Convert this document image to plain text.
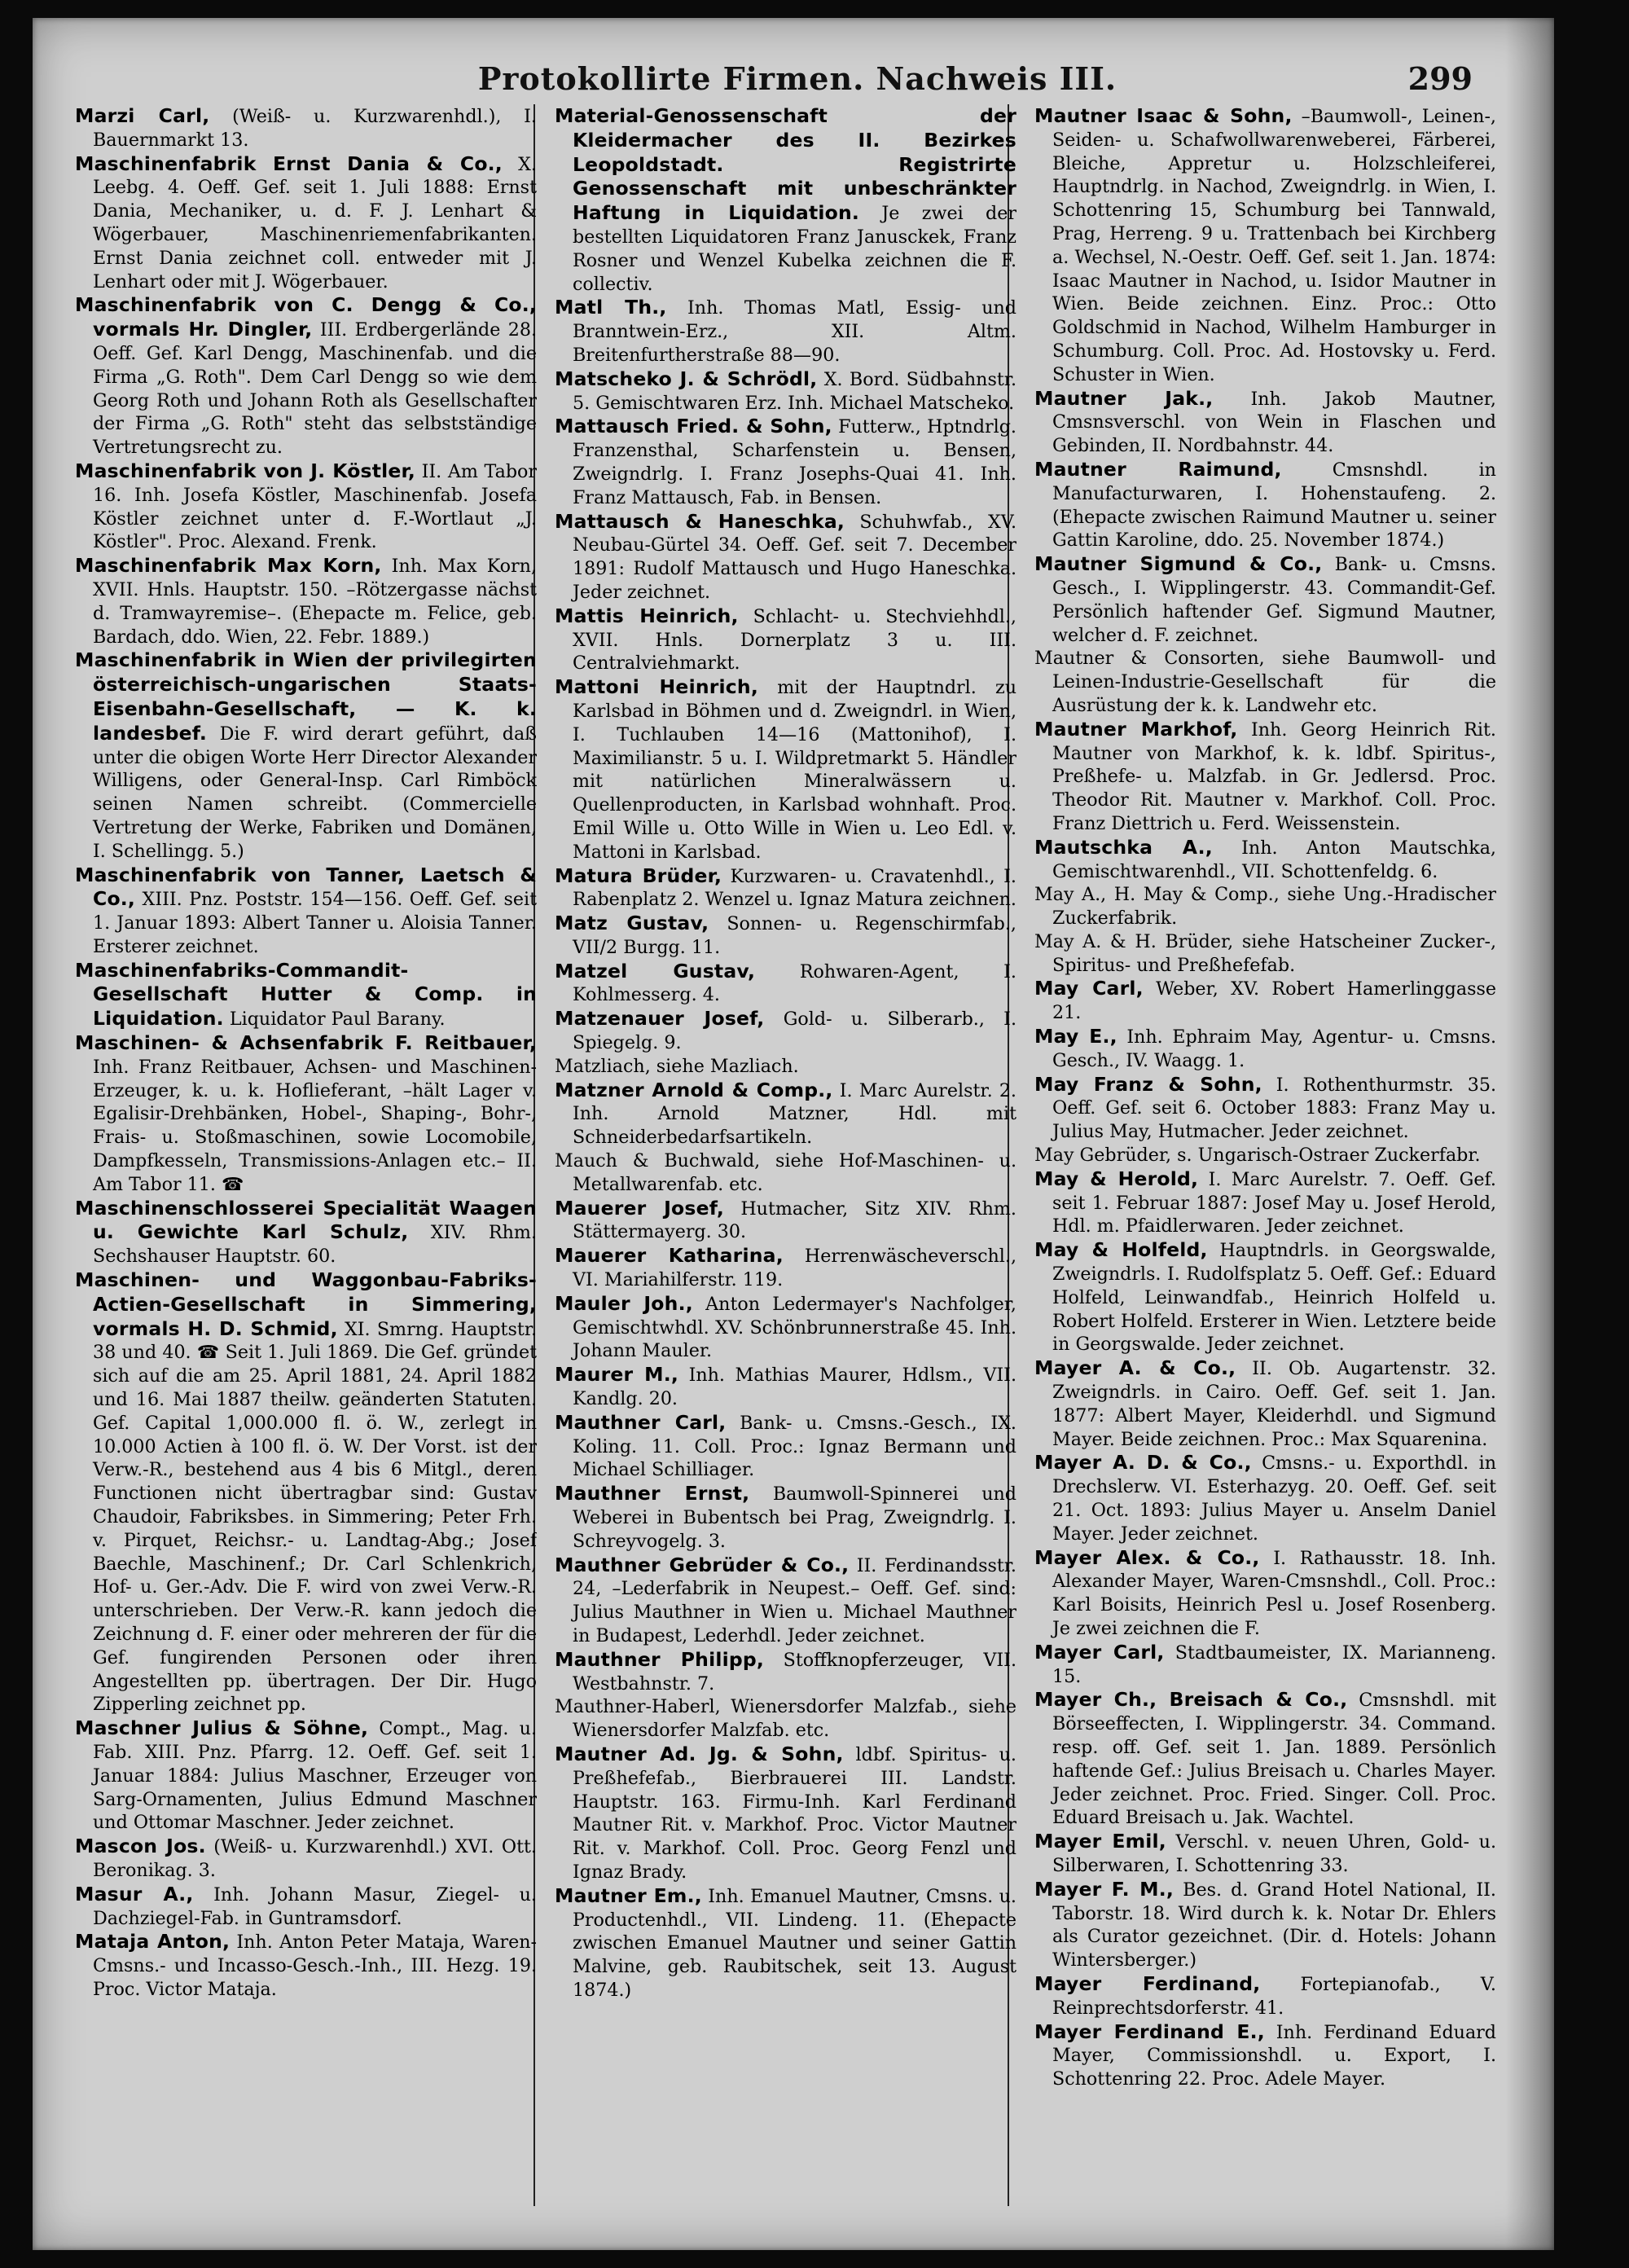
Protokollirte Firmen. Nachweis III.	299
Marzi Carl, (Weiß- u. Kurzwarenhdl.), I. Bauernmarkt 13.
Maschinenfabrik Ernst Dania & Co., X. Leebg. 4. Oeff. Gef. seit 1. Juli 1888: Ernst Dania, Mechaniker, u. d. F. J. Lenhart & Wögerbauer, Maschinenriemenfabrikanten. Ernst Dania zeichnet coll. entweder mit J. Lenhart oder mit J. Wögerbauer.
Maschinenfabrik von C. Dengg & Co., vormals Hr. Dingler, III. Erdbergerlände 28. Oeff. Gef. Karl Dengg, Maschinenfab. und die Firma „G. Roth". Dem Carl Dengg so wie dem Georg Roth und Johann Roth als Gesellschafter der Firma „G. Roth" steht das selbstständige Vertretungsrecht zu.
Maschinenfabrik von J. Köstler, II. Am Tabor 16. Inh. Josefa Köstler, Maschinenfab. Josefa Köstler zeichnet unter d. F.-Wortlaut „J. Köstler". Proc. Alexand. Frenk.
Maschinenfabrik Max Korn, Inh. Max Korn, XVII. Hnls. Hauptstr. 150. –Rötzergasse nächst d. Tramwayremise–. (Ehepacte m. Felice, geb. Bardach, ddo. Wien, 22. Febr. 1889.)
Maschinenfabrik in Wien der privilegirten österreichisch-ungarischen Staats-Eisenbahn-Gesellschaft, — K. k. landesbef. Die F. wird derart geführt, daß unter die obigen Worte Herr Director Alexander Willigens, oder General-Insp. Carl Rimböck seinen Namen schreibt. (Commercielle Vertretung der Werke, Fabriken und Domänen, I. Schellingg. 5.)
Maschinenfabrik von Tanner, Laetsch & Co., XIII. Pnz. Poststr. 154—156. Oeff. Gef. seit 1. Januar 1893: Albert Tanner u. Aloisia Tanner. Ersterer zeichnet.
Maschinenfabriks-Commandit-Gesellschaft Hutter & Comp. in Liquidation. Liquidator Paul Barany.
Maschinen- & Achsenfabrik F. Reitbauer, Inh. Franz Reitbauer, Achsen- und Maschinen-Erzeuger, k. u. k. Hoflieferant, –hält Lager v. Egalisir-Drehbänken, Hobel-, Shaping-, Bohr-, Frais- u. Stoßmaschinen, sowie Locomobile, Dampfkesseln, Transmissions-Anlagen etc.– II. Am Tabor 11. ☎
Maschinenschlosserei Specialität Waagen u. Gewichte Karl Schulz, XIV. Rhm. Sechshauser Hauptstr. 60.
Maschinen- und Waggonbau-Fabriks-Actien-Gesellschaft in Simmering, vormals H. D. Schmid, XI. Smrng. Hauptstr. 38 und 40. ☎ Seit 1. Juli 1869. Die Gef. gründet sich auf die am 25. April 1881, 24. April 1882 und 16. Mai 1887 theilw. geänderten Statuten. Gef. Capital 1,000.000 fl. ö. W., zerlegt in 10.000 Actien à 100 fl. ö. W. Der Vorst. ist der Verw.-R., bestehend aus 4 bis 6 Mitgl., deren Functionen nicht übertragbar sind: Gustav Chaudoir, Fabriksbes. in Simmering; Peter Frh. v. Pirquet, Reichsr.- u. Landtag-Abg.; Josef Baechle, Maschinenf.; Dr. Carl Schlenkrich, Hof- u. Ger.-Adv. Die F. wird von zwei Verw.-R. unterschrieben. Der Verw.-R. kann jedoch die Zeichnung d. F. einer oder mehreren der für die Gef. fungirenden Personen oder ihren Angestellten pp. übertragen. Der Dir. Hugo Zipperling zeichnet pp.
Maschner Julius & Söhne, Compt., Mag. u. Fab. XIII. Pnz. Pfarrg. 12. Oeff. Gef. seit 1. Januar 1884: Julius Maschner, Erzeuger von Sarg-Ornamenten, Julius Edmund Maschner und Ottomar Maschner. Jeder zeichnet.
Mascon Jos. (Weiß- u. Kurzwarenhdl.) XVI. Ott. Beronikag. 3.
Masur A., Inh. Johann Masur, Ziegel- u. Dachziegel-Fab. in Guntramsdorf.
Mataja Anton, Inh. Anton Peter Mataja, Waren-Cmsns.- und Incasso-Gesch.-Inh., III. Hezg. 19. Proc. Victor Mataja.
Material-Genossenschaft der Kleidermacher des II. Bezirkes Leopoldstadt. Registrirte Genossenschaft mit unbeschränkter Haftung in Liquidation. Je zwei der bestellten Liquidatoren Franz Janusckek, Franz Rosner und Wenzel Kubelka zeichnen die F. collectiv.
Matl Th., Inh. Thomas Matl, Essig- und Branntwein-Erz., XII. Altm. Breitenfurtherstraße 88—90.
Matscheko J. & Schrödl, X. Bord. Südbahnstr. 5. Gemischtwaren Erz. Inh. Michael Matscheko.
Mattausch Fried. & Sohn, Futterw., Hptndrlg. Franzensthal, Scharfenstein u. Bensen, Zweigndrlg. I. Franz Josephs-Quai 41. Inh. Franz Mattausch, Fab. in Bensen.
Mattausch & Haneschka, Schuhwfab., XV. Neubau-Gürtel 34. Oeff. Gef. seit 7. December 1891: Rudolf Mattausch und Hugo Haneschka. Jeder zeichnet.
Mattis Heinrich, Schlacht- u. Stechviehhdl., XVII. Hnls. Dornerplatz 3 u. III. Centralviehmarkt.
Mattoni Heinrich, mit der Hauptndrl. zu Karlsbad in Böhmen und d. Zweigndrl. in Wien, I. Tuchlauben 14—16 (Mattonihof), I. Maximilianstr. 5 u. I. Wildpretmarkt 5. Händler mit natürlichen Mineralwässern u. Quellenproducten, in Karlsbad wohnhaft. Proc. Emil Wille u. Otto Wille in Wien u. Leo Edl. v. Mattoni in Karlsbad.
Matura Brüder, Kurzwaren- u. Cravatenhdl., I. Rabenplatz 2. Wenzel u. Ignaz Matura zeichnen.
Matz Gustav, Sonnen- u. Regenschirmfab., VII/2 Burgg. 11.
Matzel Gustav, Rohwaren-Agent, I. Kohlmesserg. 4.
Matzenauer Josef, Gold- u. Silberarb., I. Spiegelg. 9.
Matzliach, siehe Mazliach.
Matzner Arnold & Comp., I. Marc Aurelstr. 2. Inh. Arnold Matzner, Hdl. mit Schneiderbedarfsartikeln.
Mauch & Buchwald, siehe Hof-Maschinen- u. Metallwarenfab. etc.
Mauerer Josef, Hutmacher, Sitz XIV. Rhm. Stättermayerg. 30.
Mauerer Katharina, Herrenwäscheverschl., VI. Mariahilferstr. 119.
Mauler Joh., Anton Ledermayer's Nachfolger, Gemischtwhdl. XV. Schönbrunnerstraße 45. Inh. Johann Mauler.
Maurer M., Inh. Mathias Maurer, Hdlsm., VII. Kandlg. 20.
Mauthner Carl, Bank- u. Cmsns.-Gesch., IX. Koling. 11. Coll. Proc.: Ignaz Bermann und Michael Schilliager.
Mauthner Ernst, Baumwoll-Spinnerei und Weberei in Bubentsch bei Prag, Zweigndrlg. I. Schreyvogelg. 3.
Mauthner Gebrüder & Co., II. Ferdinandsstr. 24, –Lederfabrik in Neupest.– Oeff. Gef. sind: Julius Mauthner in Wien u. Michael Mauthner in Budapest, Lederhdl. Jeder zeichnet.
Mauthner Philipp, Stoffknopferzeuger, VII. Westbahnstr. 7.
Mauthner-Haberl, Wienersdorfer Malzfab., siehe Wienersdorfer Malzfab. etc.
Mautner Ad. Jg. & Sohn, ldbf. Spiritus- u. Preßhefefab., Bierbrauerei III. Landstr. Hauptstr. 163. Firmu-Inh. Karl Ferdinand Mautner Rit. v. Markhof. Proc. Victor Mautner Rit. v. Markhof. Coll. Proc. Georg Fenzl und Ignaz Brady.
Mautner Em., Inh. Emanuel Mautner, Cmsns. u. Productenhdl., VII. Lindeng. 11. (Ehepacte zwischen Emanuel Mautner und seiner Gattin Malvine, geb. Raubitschek, seit 13. August 1874.)
Mautner Isaac & Sohn, –Baumwoll-, Leinen-, Seiden- u. Schafwollwarenweberei, Färberei, Bleiche, Appretur u. Holzschleiferei, Hauptndrlg. in Nachod, Zweigndrlg. in Wien, I. Schottenring 15, Schumburg bei Tannwald, Prag, Herreng. 9 u. Trattenbach bei Kirchberg a. Wechsel, N.-Oestr. Oeff. Gef. seit 1. Jan. 1874: Isaac Mautner in Nachod, u. Isidor Mautner in Wien. Beide zeichnen. Einz. Proc.: Otto Goldschmid in Nachod, Wilhelm Hamburger in Schumburg. Coll. Proc. Ad. Hostovsky u. Ferd. Schuster in Wien.
Mautner Jak., Inh. Jakob Mautner, Cmsnsverschl. von Wein in Flaschen und Gebinden, II. Nordbahnstr. 44.
Mautner Raimund,	Cmsnshdl. in Manufacturwaren, I. Hohenstaufeng. 2. (Ehepacte zwischen Raimund Mautner u. seiner Gattin Karoline, ddo. 25. November 1874.)
Mautner Sigmund & Co., Bank- u. Cmsns. Gesch., I. Wipplingerstr. 43. Commandit-Gef. Persönlich haftender Gef. Sigmund Mautner, welcher d. F. zeichnet.
Mautner & Consorten, siehe Baumwoll- und Leinen-Industrie-Gesellschaft für die Ausrüstung der k. k. Landwehr etc.
Mautner Markhof, Inh. Georg Heinrich Rit. Mautner von Markhof, k. k. ldbf. Spiritus-, Preßhefe- u. Malzfab. in Gr. Jedlersd. Proc. Theodor Rit. Mautner v. Markhof. Coll. Proc. Franz Diettrich u. Ferd. Weissenstein.
Mautschka A., Inh. Anton Mautschka, Gemischtwarenhdl., VII. Schottenfeldg. 6.
May A., H. May & Comp., siehe Ung.-Hradischer Zuckerfabrik.
May A. & H. Brüder, siehe Hatscheiner Zucker-, Spiritus- und Preßhefefab.
May Carl, Weber, XV. Robert Hamerlinggasse 21.
May E., Inh. Ephraim May, Agentur- u. Cmsns. Gesch., IV. Waagg. 1.
May Franz & Sohn, I. Rothenthurmstr. 35. Oeff. Gef. seit 6. October 1883: Franz May u. Julius May, Hutmacher. Jeder zeichnet.
May Gebrüder, s. Ungarisch-Ostraer Zuckerfabr.
May & Herold, I. Marc Aurelstr. 7. Oeff. Gef. seit 1. Februar 1887: Josef May u. Josef Herold, Hdl. m. Pfaidlerwaren. Jeder zeichnet.
May & Holfeld, Hauptndrls. in Georgswalde, Zweigndrls. I. Rudolfsplatz 5. Oeff. Gef.: Eduard Holfeld, Leinwandfab., Heinrich Holfeld u. Robert Holfeld. Ersterer in Wien. Letztere beide in Georgswalde. Jeder zeichnet.
Mayer A. & Co., II. Ob. Augartenstr. 32. Zweigndrls. in Cairo. Oeff. Gef. seit 1. Jan. 1877: Albert Mayer, Kleiderhdl. und Sigmund Mayer. Beide zeichnen. Proc.: Max Squarenina.
Mayer A. D. & Co., Cmsns.- u. Exporthdl. in Drechslerw. VI. Esterhazyg. 20. Oeff. Gef. seit 21. Oct. 1893: Julius Mayer u. Anselm Daniel Mayer. Jeder zeichnet.
Mayer Alex. & Co., I. Rathausstr. 18. Inh. Alexander Mayer, Waren-Cmsnshdl., Coll. Proc.: Karl Boisits, Heinrich Pesl u. Josef Rosenberg. Je zwei zeichnen die F.
Mayer Carl, Stadtbaumeister, IX. Marianneng. 15.
Mayer Ch., Breisach & Co., Cmsnshdl. mit Börseeffecten, I. Wipplingerstr. 34. Command. resp. off. Gef. seit 1. Jan. 1889. Persönlich haftende Gef.: Julius Breisach u. Charles Mayer. Jeder zeichnet. Proc. Fried. Singer. Coll. Proc. Eduard Breisach u. Jak. Wachtel.
Mayer Emil, Verschl. v. neuen Uhren, Gold- u. Silberwaren, I. Schottenring 33.
Mayer F. M., Bes. d. Grand Hotel National, II. Taborstr. 18. Wird durch k. k. Notar Dr. Ehlers als Curator gezeichnet. (Dir. d. Hotels: Johann Wintersberger.)
Mayer Ferdinand, Fortepianofab., V. Reinprechtsdorferstr. 41.
Mayer Ferdinand E., Inh. Ferdinand Eduard Mayer, Commissionshdl. u. Export, I. Schottenring 22. Proc. Adele Mayer.
